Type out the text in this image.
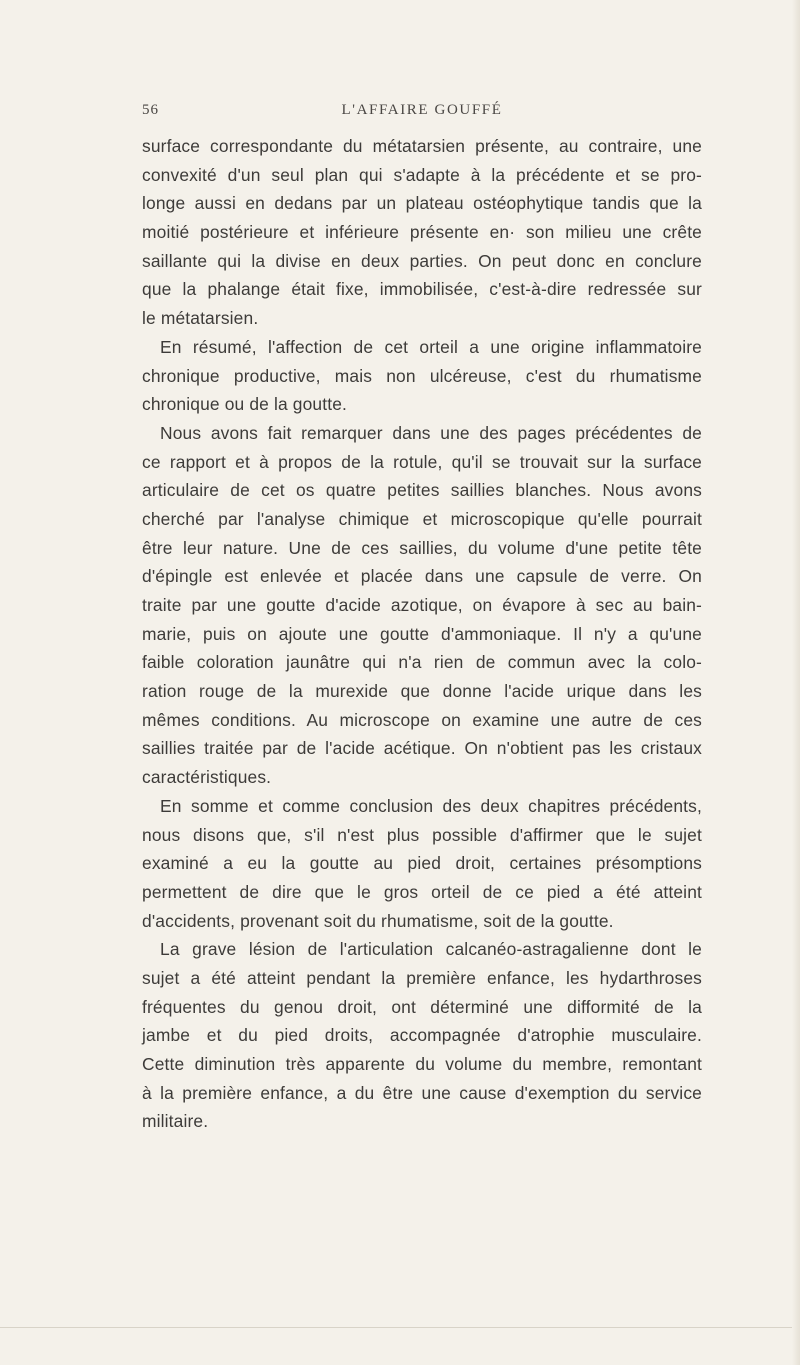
56	L'AFFAIRE GOUFFÉ
surface correspondante du métatarsien présente, au contraire, une
convexité d'un seul plan qui s'adapte à la précédente et se pro-
longe aussi en dedans par un plateau ostéophytique tandis que la
moitié postérieure et inférieure présente en· son milieu une crête
saillante qui la divise en deux parties. On peut donc en conclure
que la phalange était fixe, immobilisée, c'est-à-dire redressée sur
le métatarsien.
En résumé, l'affection de cet orteil a une origine inflammatoire
chronique productive, mais non ulcéreuse, c'est du rhumatisme
chronique ou de la goutte.
Nous avons fait remarquer dans une des pages précédentes de
ce rapport et à propos de la rotule, qu'il se trouvait sur la surface
articulaire de cet os quatre petites saillies blanches. Nous avons
cherché par l'analyse chimique et microscopique qu'elle pourrait
être leur nature. Une de ces saillies, du volume d'une petite tête
d'épingle est enlevée et placée dans une capsule de verre. On
traite par une goutte d'acide azotique, on évapore à sec au bain-
marie, puis on ajoute une goutte d'ammoniaque. Il n'y a qu'une
faible coloration jaunâtre qui n'a rien de commun avec la colo-
ration rouge de la murexide que donne l'acide urique dans les
mêmes conditions. Au microscope on examine une autre de ces
saillies traitée par de l'acide acétique. On n'obtient pas les cristaux
caractéristiques.
En somme et comme conclusion des deux chapitres précédents,
nous disons que, s'il n'est plus possible d'affirmer que le sujet
examiné a eu la goutte au pied droit, certaines présomptions
permettent de dire que le gros orteil de ce pied a été atteint
d'accidents, provenant soit du rhumatisme, soit de la goutte.
La grave lésion de l'articulation calcanéo-astragalienne dont le
sujet a été atteint pendant la première enfance, les hydarthroses
fréquentes du genou droit, ont déterminé une difformité de la
jambe et du pied droits, accompagnée d'atrophie musculaire.
Cette diminution très apparente du volume du membre, remontant
à la première enfance, a du être une cause d'exemption du service
militaire.
